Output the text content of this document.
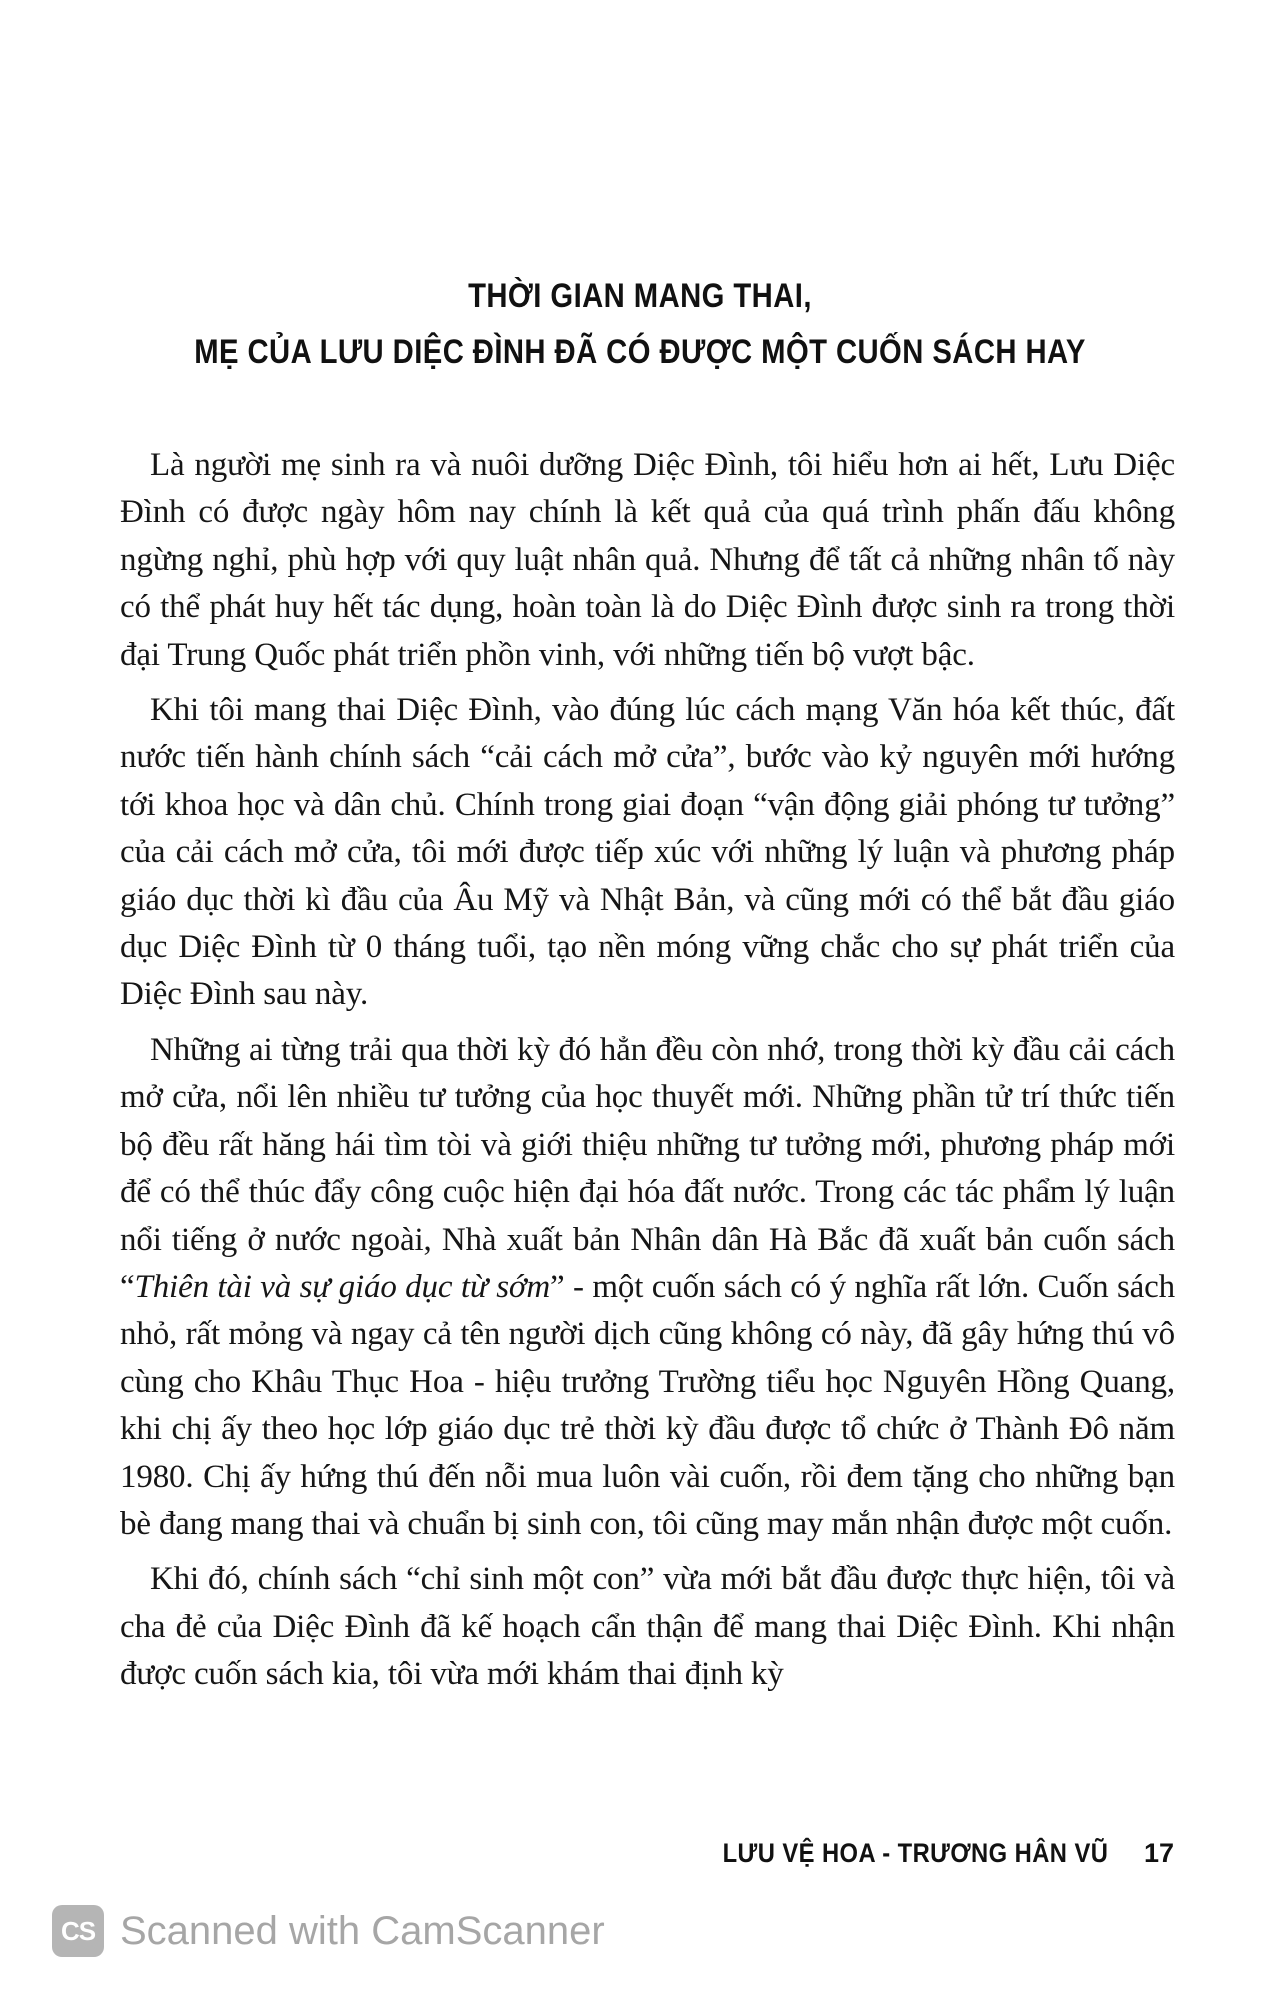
THỜI GIAN MANG THAI,
MẸ CỦA LƯU DIỆC ĐÌNH ĐÃ CÓ ĐƯỢC MỘT CUỐN SÁCH HAY

Là người mẹ sinh ra và nuôi dưỡng Diệc Đình, tôi hiểu hơn ai hết, Lưu Diệc Đình có được ngày hôm nay chính là kết quả của quá trình phấn đấu không ngừng nghỉ, phù hợp với quy luật nhân quả. Nhưng để tất cả những nhân tố này có thể phát huy hết tác dụng, hoàn toàn là do Diệc Đình được sinh ra trong thời đại Trung Quốc phát triển phồn vinh, với những tiến bộ vượt bậc.

Khi tôi mang thai Diệc Đình, vào đúng lúc cách mạng Văn hóa kết thúc, đất nước tiến hành chính sách “cải cách mở cửa”, bước vào kỷ nguyên mới hướng tới khoa học và dân chủ. Chính trong giai đoạn “vận động giải phóng tư tưởng” của cải cách mở cửa, tôi mới được tiếp xúc với những lý luận và phương pháp giáo dục thời kì đầu của Âu Mỹ và Nhật Bản, và cũng mới có thể bắt đầu giáo dục Diệc Đình từ 0 tháng tuổi, tạo nền móng vững chắc cho sự phát triển của Diệc Đình sau này.

Những ai từng trải qua thời kỳ đó hẳn đều còn nhớ, trong thời kỳ đầu cải cách mở cửa, nổi lên nhiều tư tưởng của học thuyết mới. Những phần tử trí thức tiến bộ đều rất hăng hái tìm tòi và giới thiệu những tư tưởng mới, phương pháp mới để có thể thúc đẩy công cuộc hiện đại hóa đất nước. Trong các tác phẩm lý luận nổi tiếng ở nước ngoài, Nhà xuất bản Nhân dân Hà Bắc đã xuất bản cuốn sách “Thiên tài và sự giáo dục từ sớm” - một cuốn sách có ý nghĩa rất lớn. Cuốn sách nhỏ, rất mỏng và ngay cả tên người dịch cũng không có này, đã gây hứng thú vô cùng cho Khâu Thục Hoa - hiệu trưởng Trường tiểu học Nguyên Hồng Quang, khi chị ấy theo học lớp giáo dục trẻ thời kỳ đầu được tổ chức ở Thành Đô năm 1980. Chị ấy hứng thú đến nỗi mua luôn vài cuốn, rồi đem tặng cho những bạn bè đang mang thai và chuẩn bị sinh con, tôi cũng may mắn nhận được một cuốn.

Khi đó, chính sách “chỉ sinh một con” vừa mới bắt đầu được thực hiện, tôi và cha đẻ của Diệc Đình đã kế hoạch cẩn thận để mang thai Diệc Đình. Khi nhận được cuốn sách kia, tôi vừa mới khám thai định kỳ

LƯU VỆ HOA - TRƯƠNG HÂN VŨ 17
CS Scanned with CamScanner
